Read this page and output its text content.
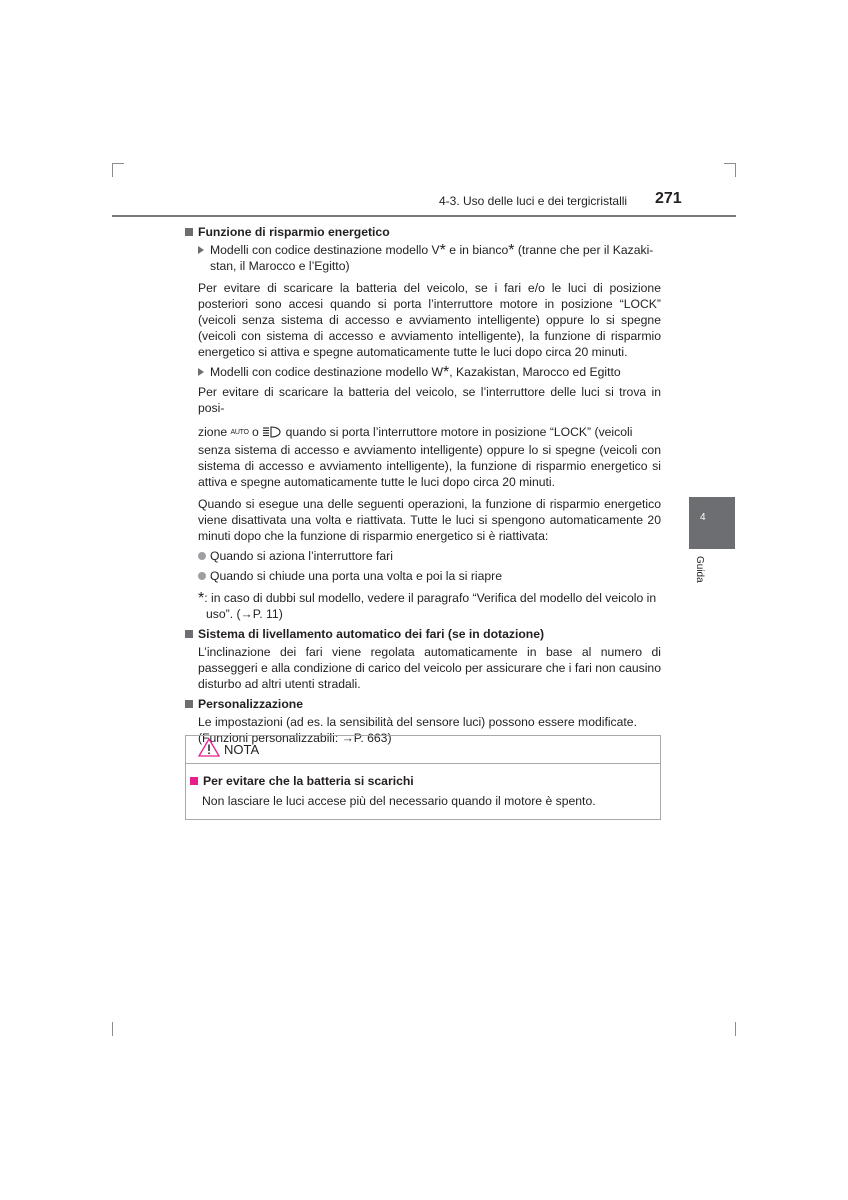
4-3. Uso delle luci e dei tergicristalli 271
4
Guida
Funzione di risparmio energetico
Modelli con codice destinazione modello V* e in bianco* (tranne che per il Kazaki-
stan, il Marocco e l’Egitto)

Per evitare di scaricare la batteria del veicolo, se i fari e/o le luci di posizione posteriori sono accesi quando si porta l’interruttore motore in posizione “LOCK” (veicoli senza sistema di accesso e avviamento intelligente) oppure lo si spegne (veicoli con sistema di accesso e avviamento intelligente), la funzione di risparmio energetico si attiva e spegne automaticamente tutte le luci dopo circa 20 minuti.

Modelli con codice destinazione modello W*, Kazakistan, Marocco ed Egitto

Per evitare di scaricare la batteria del veicolo, se l’interruttore delle luci si trova in posi-

zione AUTO o  quando si porta l’interruttore motore in posizione “LOCK” (veicoli

senza sistema di accesso e avviamento intelligente) oppure lo si spegne (veicoli con sistema di accesso e avviamento intelligente), la funzione di risparmio energetico si attiva e spegne automaticamente tutte le luci dopo circa 20 minuti.

Quando si esegue una delle seguenti operazioni, la funzione di risparmio energetico viene disattivata una volta e riattivata. Tutte le luci si spengono automaticamente 20 minuti dopo che la funzione di risparmio energetico si è riattivata:

Quando si aziona l’interruttore fari
Quando si chiude una porta una volta e poi la si riapre
*: in caso di dubbi sul modello, vedere il paragrafo “Verifica del modello del veicolo in
uso”. (→P. 11)
Sistema di livellamento automatico dei fari (se in dotazione)

L’inclinazione dei fari viene regolata automaticamente in base al numero di passeggeri e alla condizione di carico del veicolo per assicurare che i fari non causino disturbo ad altri utenti stradali.

Personalizzazione
Le impostazioni (ad es. la sensibilità del sensore luci) possono essere modificate.
(Funzioni personalizzabili: →P. 663)
NOTA
Per evitare che la batteria si scarichi
Non lasciare le luci accese più del necessario quando il motore è spento.
